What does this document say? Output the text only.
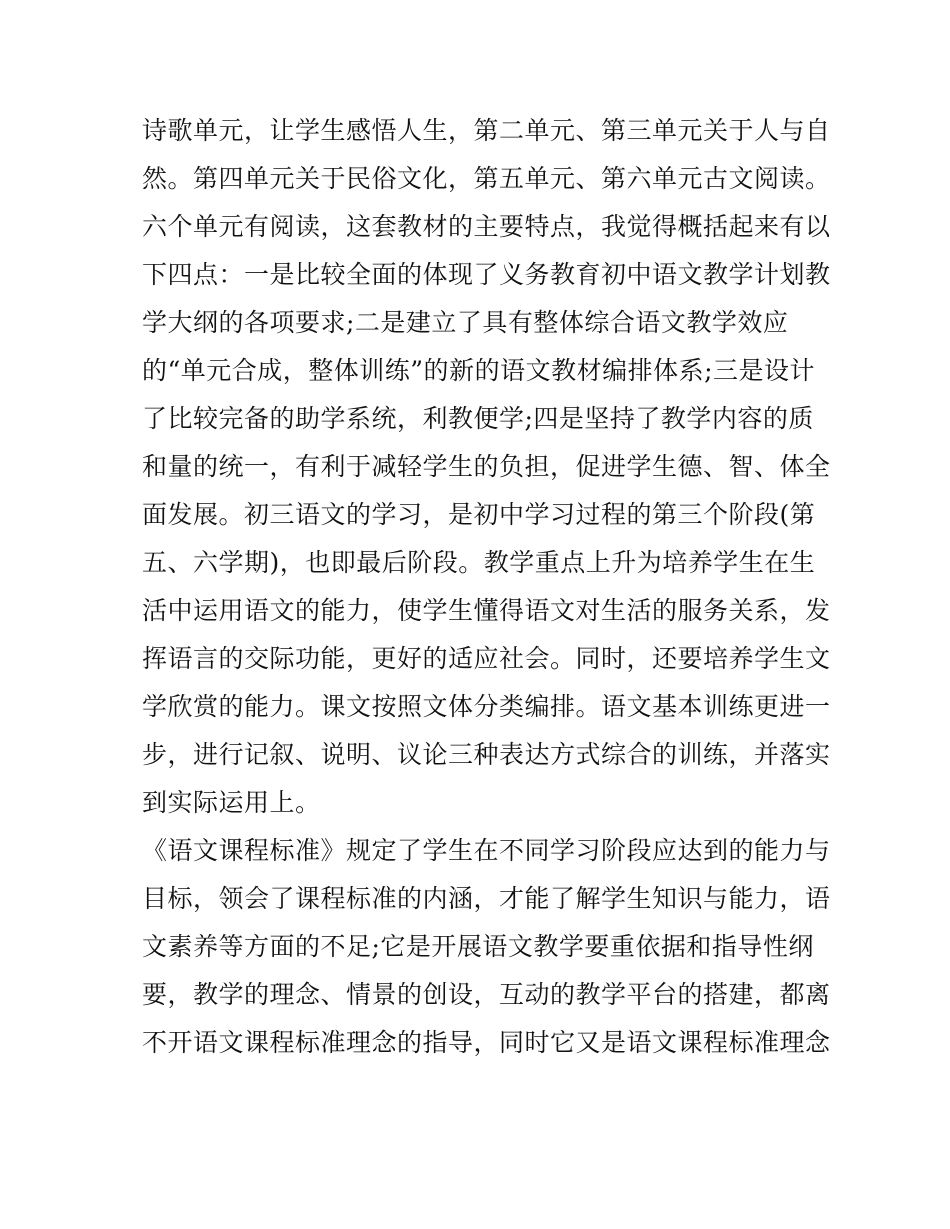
诗歌单元，让学生感悟人生，第二单元、第三单元关于人与自
然。第四单元关于民俗文化，第五单元、第六单元古文阅读。
六个单元有阅读，这套教材的主要特点，我觉得概括起来有以
下四点：一是比较全面的体现了义务教育初中语文教学计划教
学大纲的各项要求;二是建立了具有整体综合语文教学效应
的“单元合成，整体训练”的新的语文教材编排体系;三是设计
了比较完备的助学系统，利教便学;四是坚持了教学内容的质
和量的统一，有利于减轻学生的负担，促进学生德、智、体全
面发展。初三语文的学习，是初中学习过程的第三个阶段(第
五、六学期)，也即最后阶段。教学重点上升为培养学生在生
活中运用语文的能力，使学生懂得语文对生活的服务关系，发
挥语言的交际功能，更好的适应社会。同时，还要培养学生文
学欣赏的能力。课文按照文体分类编排。语文基本训练更进一
步，进行记叙、说明、议论三种表达方式综合的训练，并落实
到实际运用上。
《语文课程标准》规定了学生在不同学习阶段应达到的能力与
目标，领会了课程标准的内涵，才能了解学生知识与能力，语
文素养等方面的不足;它是开展语文教学要重依据和指导性纲
要，教学的理念、情景的创设，互动的教学平台的搭建，都离
不开语文课程标准理念的指导，同时它又是语文课程标准理念
